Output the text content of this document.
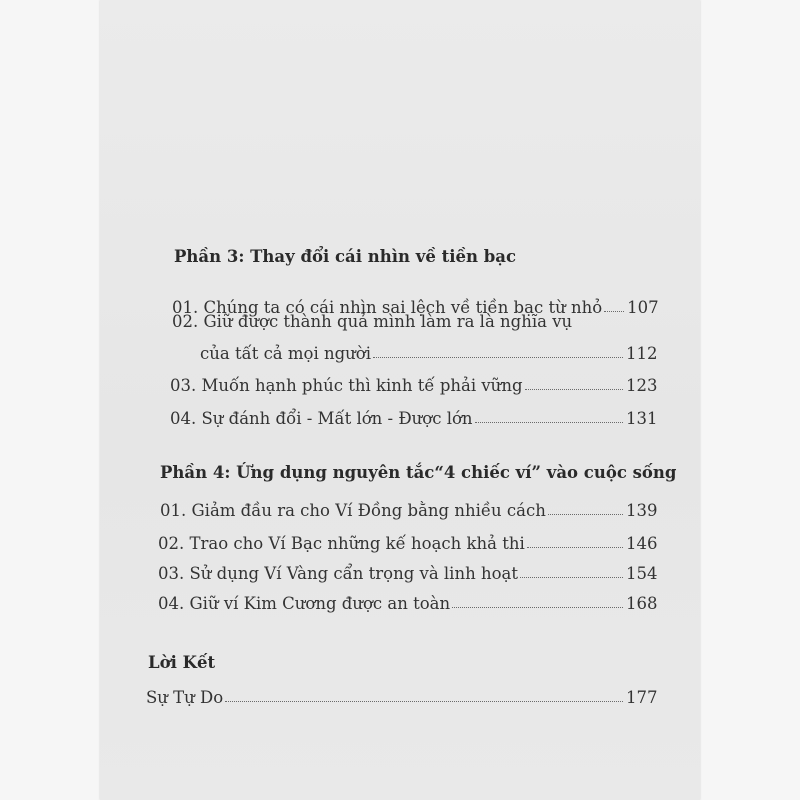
Phần 3: Thay đổi cái nhìn về tiền bạc
01. Chúng ta có cái nhìn sai lệch về tiền bạc từ nhỏ 107
02. Giữ được thành quả mình làm ra là nghĩa vụ
của tất cả mọi người	112
03. Muốn hạnh phúc thì kinh tế phải vững	123
04. Sự đánh đổi - Mất lớn - Được lớn	131
Phần 4: Ứng dụng nguyên tắc“4 chiếc ví” vào cuộc sống
01. Giảm đầu ra cho Ví Đồng bằng nhiều cách	139
02. Trao cho Ví Bạc những kế hoạch khả thi	146
03. Sử dụng Ví Vàng cẩn trọng và linh hoạt	154
04. Giữ ví Kim Cương được an toàn	168
Lời Kết
Sự Tự Do	177
